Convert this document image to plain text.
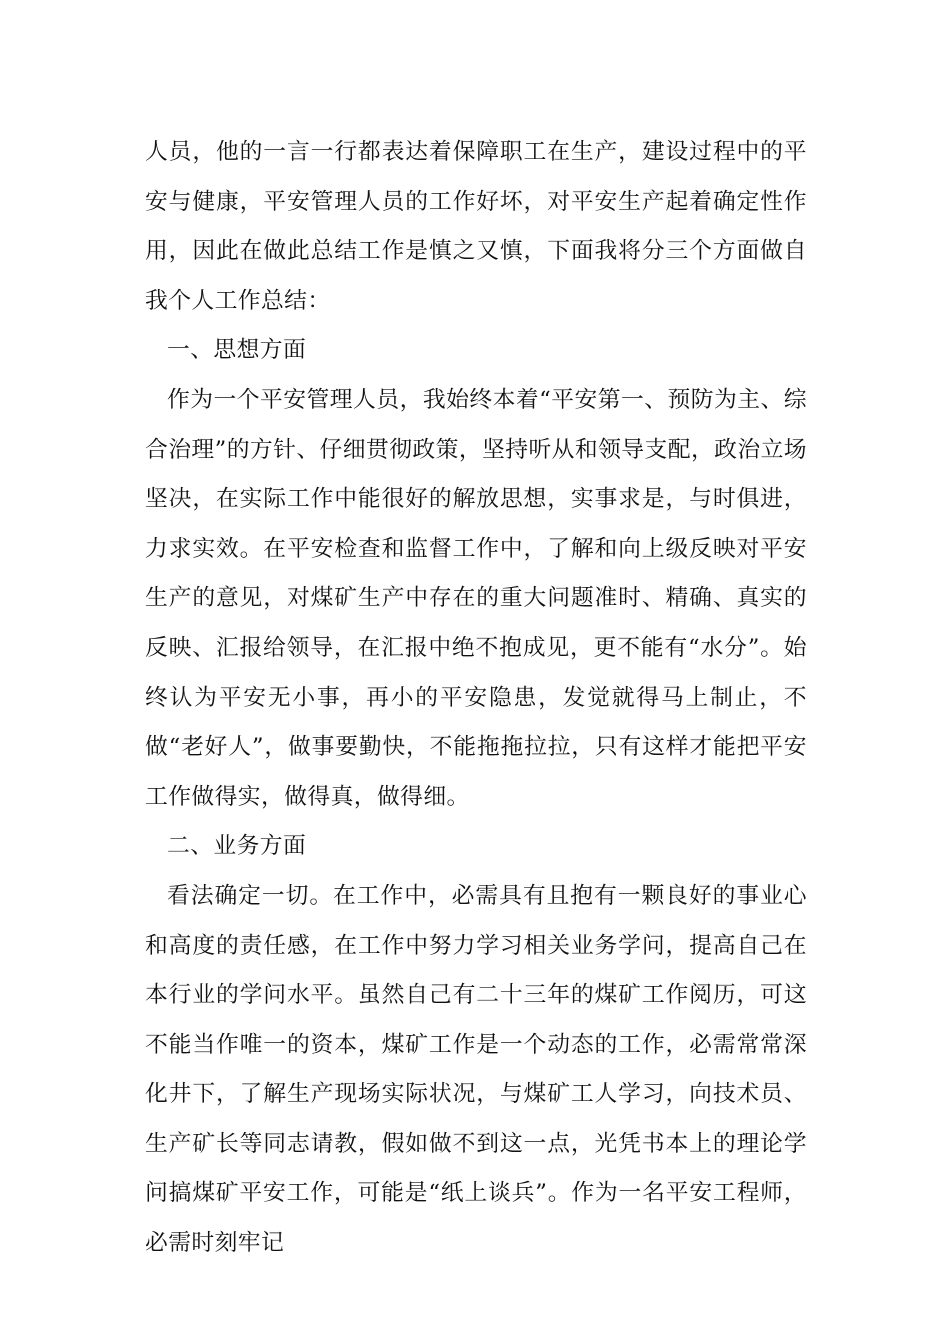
人员，他的一言一行都表达着保障职工在生产，建设过程中的平安与健康，平安管理人员的工作好坏，对平安生产起着确定性作用，因此在做此总结工作是慎之又慎，下面我将分三个方面做自我个人工作总结：

一、思想方面

作为一个平安管理人员，我始终本着“平安第一、预防为主、综合治理”的方针、仔细贯彻政策，坚持听从和领导支配，政治立场坚决，在实际工作中能很好的解放思想，实事求是，与时俱进，力求实效。在平安检查和监督工作中，了解和向上级反映对平安生产的意见，对煤矿生产中存在的重大问题准时、精确、真实的反映、汇报给领导，在汇报中绝不抱成见，更不能有“水分”。始终认为平安无小事，再小的平安隐患，发觉就得马上制止，不做“老好人”，做事要勤快，不能拖拖拉拉，只有这样才能把平安工作做得实，做得真，做得细。

二、业务方面

看法确定一切。在工作中，必需具有且抱有一颗良好的事业心和高度的责任感，在工作中努力学习相关业务学问，提高自己在本行业的学问水平。虽然自己有二十三年的煤矿工作阅历，可这不能当作唯一的资本，煤矿工作是一个动态的工作，必需常常深化井下，了解生产现场实际状况，与煤矿工人学习，向技术员、生产矿长等同志请教，假如做不到这一点，光凭书本上的理论学问搞煤矿平安工作，可能是“纸上谈兵”。作为一名平安工程师，必需时刻牢记
